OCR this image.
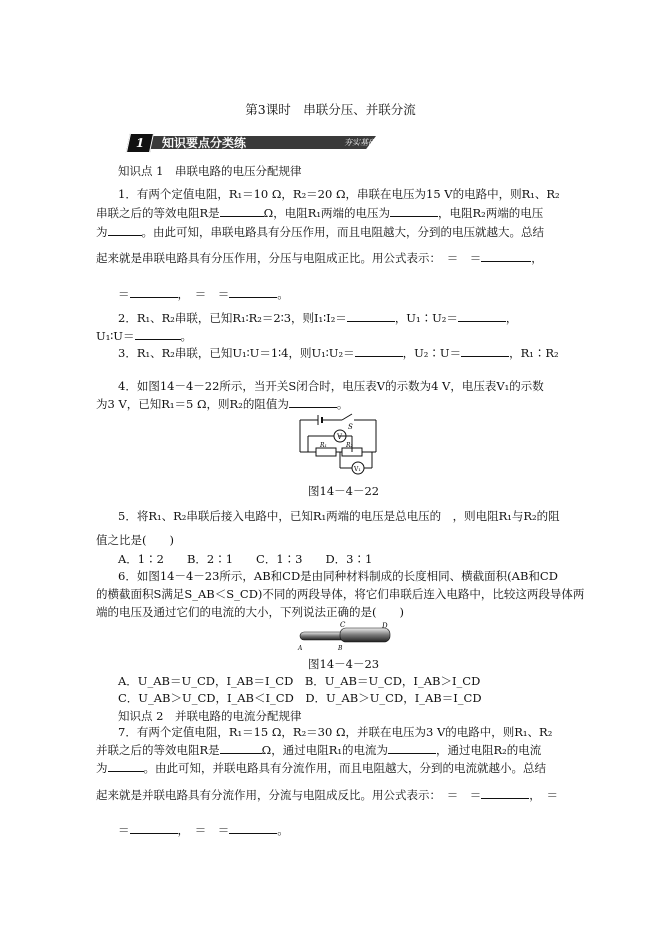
第3课时　串联分压、并联分流
1	知识要点分类练	夯实基础
知识点 1　串联电路的电压分配规律
1．有两个定值电阻，R₁＝10 Ω，R₂＝20 Ω，串联在电压为15 V的电路中，则R₁、R₂
串联之后的等效电阻R是	Ω，电阻R₁两端的电压为	，电阻R₂两端的电压
为	。由此可知，串联电路具有分压作用，而且电阻越大，分到的电压就越大。总结
起来就是串联电路具有分压作用，分压与电阻成正比。用公式表示：　＝　＝	，
＝	，　＝　＝	。
2．R₁、R₂串联，已知R₁∶R₂＝2∶3，则I₁∶I₂＝	，U₁∶U₂＝	，
U₁∶U＝	。
3．R₁、R₂串联，已知U₁∶U＝1∶4，则U₁∶U₂＝	，U₂∶U＝	，R₁∶R₂
4．如图14－4－22所示，当开关S闭合时，电压表V的示数为4 V，电压表V₁的示数
为3 V，已知R₁＝5 Ω，则R₂的阻值为	。
S
R₁	R₂
V
V₁
图14－4－22
5．将R₁、R₂串联后接入电路中，已知R₁两端的电压是总电压的　，则电阻R₁与R₂的阻
值之比是(　　)
A．1∶2　　B．2∶1　　C．1∶3　　D．3∶1
6．如图14－4－23所示，AB和CD是由同种材料制成的长度相同、横截面积(AB和CD
的横截面积S满足S_AB＜S_CD)不同的两段导体，将它们串联后连入电路中，比较这两段导体两
端的电压及通过它们的电流的大小，下列说法正确的是(　　)
A	B
C	D
图14－4－23
A．U_AB＝U_CD，I_AB＝I_CD　B．U_AB＝U_CD，I_AB＞I_CD
C．U_AB＞U_CD，I_AB＜I_CD　D．U_AB＞U_CD，I_AB＝I_CD
知识点 2　并联电路的电流分配规律
7．有两个定值电阻，R₁＝15 Ω，R₂＝30 Ω，并联在电压为3 V的电路中，则R₁、R₂
并联之后的等效电阻R是	Ω，通过电阻R₁的电流为	，通过电阻R₂的电流
为	。由此可知，并联电路具有分流作用，而且电阻越大，分到的电流就越小。总结
起来就是并联电路具有分流作用，分流与电阻成反比。用公式表示：　＝　＝	，　＝
＝	，　＝　＝	。
